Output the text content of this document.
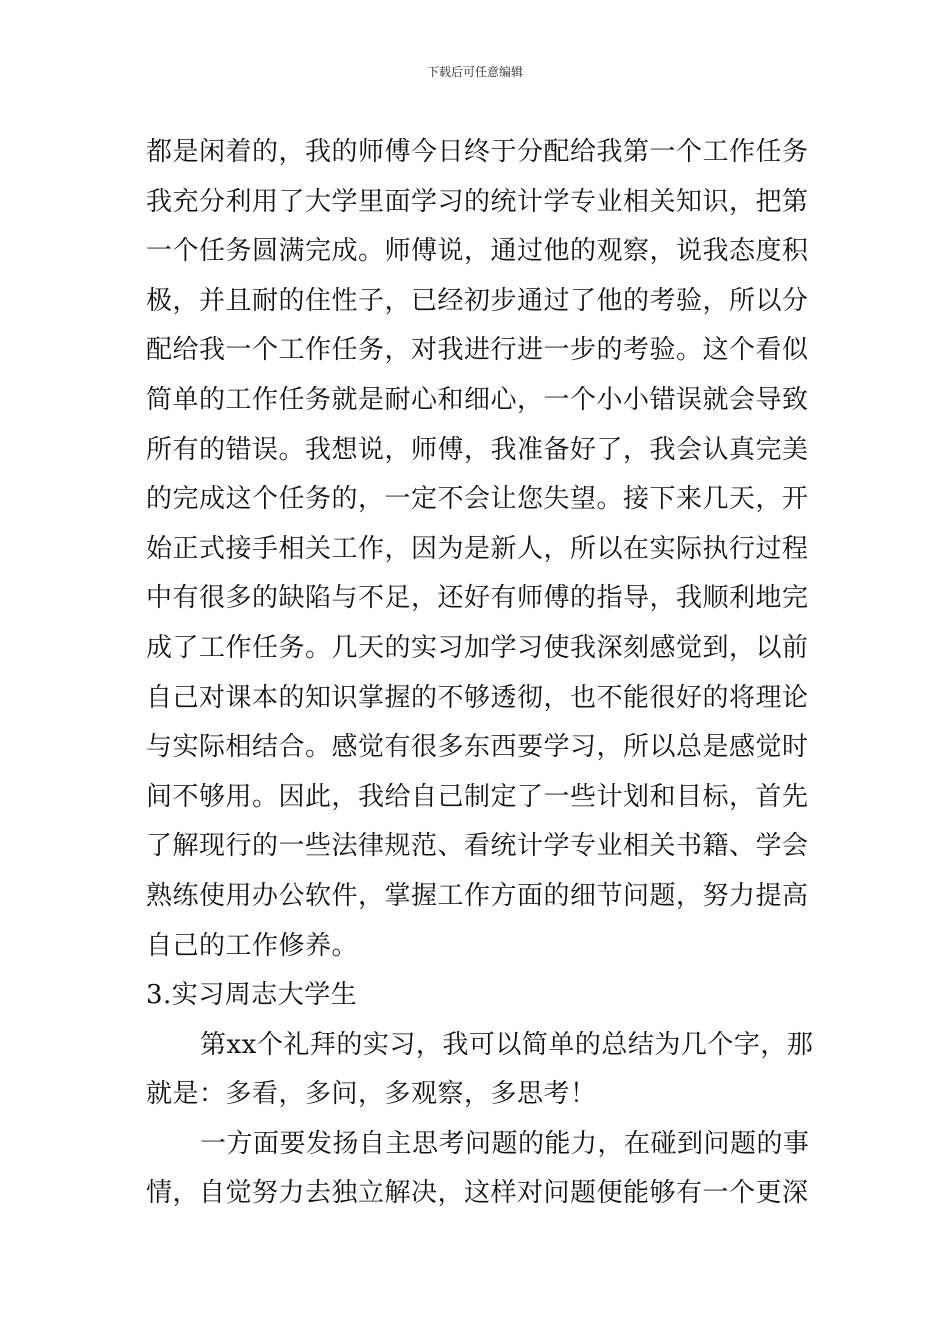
下载后可任意编辑
都是闲着的，我的师傅今日终于分配给我第一个工作任务
我充分利用了大学里面学习的统计学专业相关知识，把第
一个任务圆满完成。师傅说，通过他的观察，说我态度积
极，并且耐的住性子，已经初步通过了他的考验，所以分
配给我一个工作任务，对我进行进一步的考验。这个看似
简单的工作任务就是耐心和细心，一个小小错误就会导致
所有的错误。我想说，师傅，我准备好了，我会认真完美
的完成这个任务的，一定不会让您失望。接下来几天，开
始正式接手相关工作，因为是新人，所以在实际执行过程
中有很多的缺陷与不足，还好有师傅的指导，我顺利地完
成了工作任务。几天的实习加学习使我深刻感觉到，以前
自己对课本的知识掌握的不够透彻，也不能很好的将理论
与实际相结合。感觉有很多东西要学习，所以总是感觉时
间不够用。因此，我给自己制定了一些计划和目标，首先
了解现行的一些法律规范、看统计学专业相关书籍、学会
熟练使用办公软件，掌握工作方面的细节问题，努力提高
自己的工作修养。
3.实习周志大学生
第xx个礼拜的实习，我可以简单的总结为几个字，那
就是：多看，多问，多观察，多思考！
一方面要发扬自主思考问题的能力，在碰到问题的事
情，自觉努力去独立解决，这样对问题便能够有一个更深
